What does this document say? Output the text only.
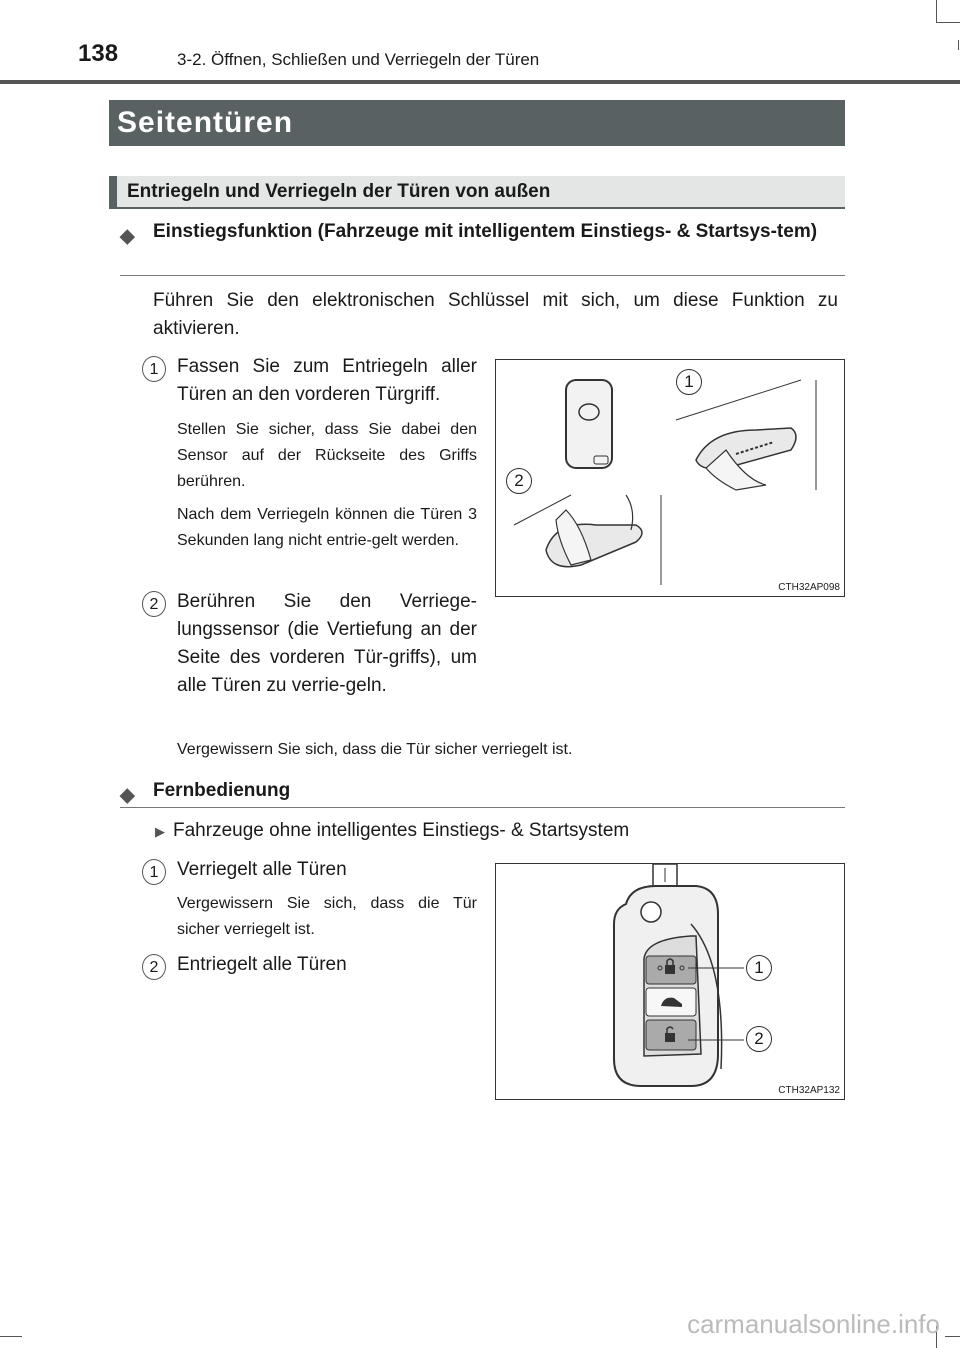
138	3-2. Öffnen, Schließen und Verriegeln der Türen
Seitentüren
Entriegeln und Verriegeln der Türen von außen
◆ Einstiegsfunktion (Fahrzeuge mit intelligentem Einstiegs- & Startsys-tem)
Führen Sie den elektronischen Schlüssel mit sich, um diese Funktion zu aktivieren.
1 Fassen Sie zum Entriegeln aller Türen an den vorderen Türgriff.
Stellen Sie sicher, dass Sie dabei den Sensor auf der Rückseite des Griffs berühren.
Nach dem Verriegeln können die Türen 3 Sekunden lang nicht entrie-gelt werden.
2 Berühren Sie den Verriege-lungssensor (die Vertiefung an der Seite des vorderen Tür-griffs), um alle Türen zu verrie-geln.
Vergewissern Sie sich, dass die Tür sicher verriegelt ist.
1
2
CTH32AP098
◆ Fernbedienung
▶ Fahrzeuge ohne intelligentes Einstiegs- & Startsystem
1 Verriegelt alle Türen
Vergewissern Sie sich, dass die Tür sicher verriegelt ist.
2 Entriegelt alle Türen	1
2
CTH32AP132
carmanualsonline.info
